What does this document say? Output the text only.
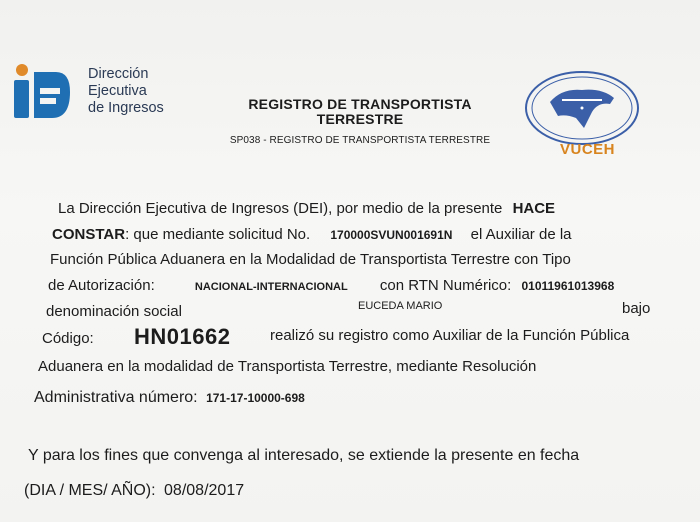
Dirección
Ejecutiva
de Ingresos	REGISTRO DE TRANSPORTISTA
TERRESTRE
SP038 - REGISTRO DE TRANSPORTISTA TERRESTRE
VUCEH
La Dirección Ejecutiva de Ingresos (DEI), por medio de la presente HACE
CONSTAR: que mediante solicitud No. 170000SVUN001691N el Auxiliar de la
Función Pública Aduanera en la Modalidad de Transportista Terrestre con Tipo
de Autorización:	NACIONAL-INTERNACIONAL con RTN Numérico: 01011961013968
denominación social	EUCEDA MARIO	bajo
Código: HN01662	realizó su registro como Auxiliar de la Función Pública
Aduanera en la modalidad de Transportista Terrestre, mediante Resolución
Administrativa número: 171-17-10000-698
Y para los fines que convenga al interesado, se extiende la presente en fecha
(DIA / MES/ AÑO): 08/08/2017
